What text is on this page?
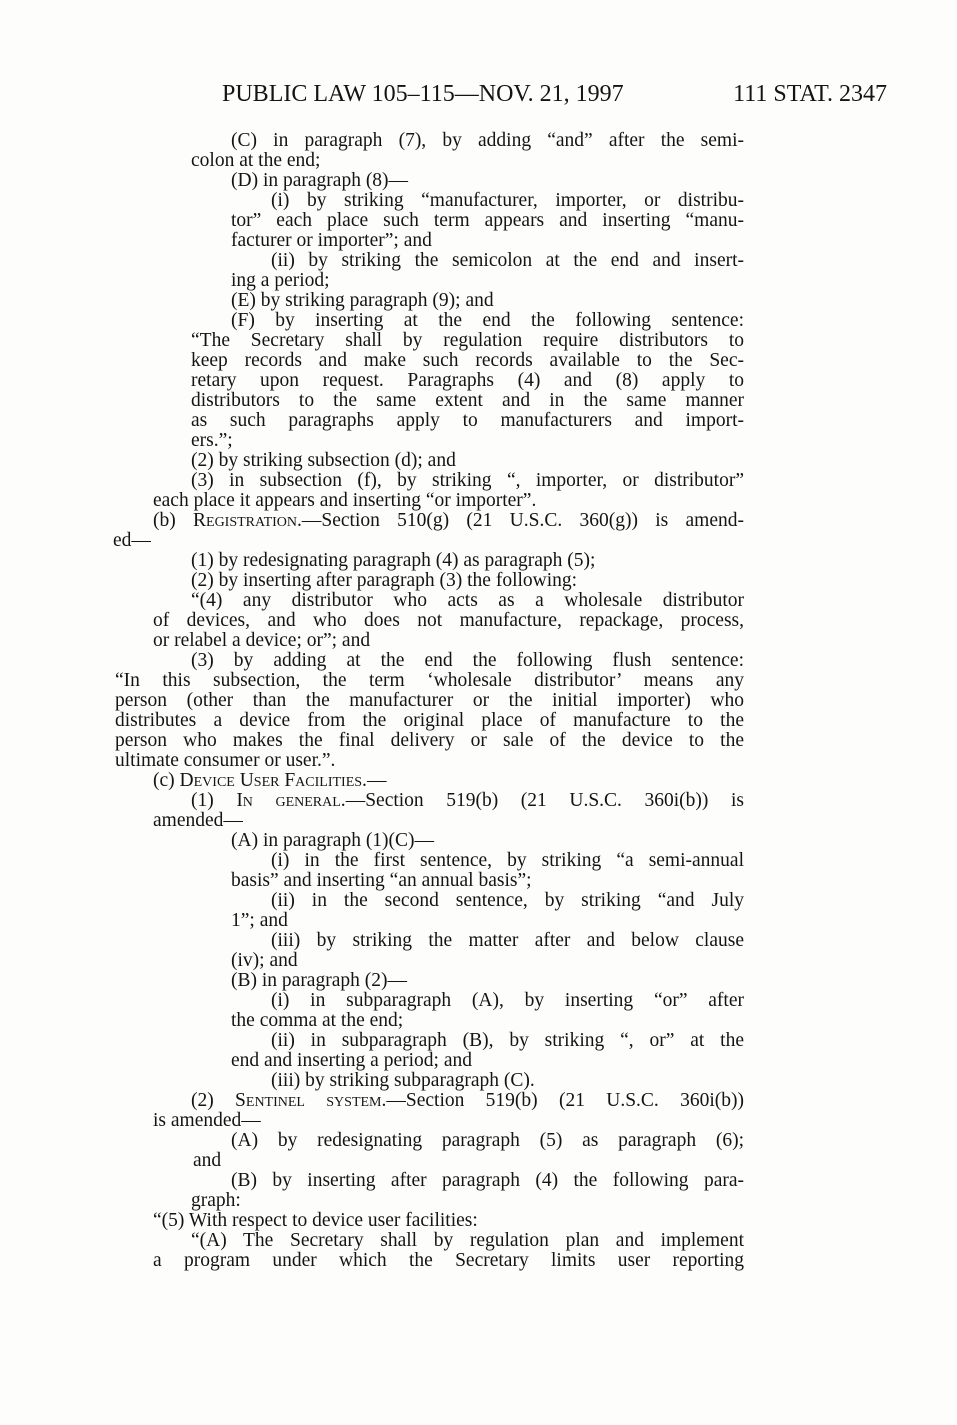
PUBLIC LAW 105–115—NOV. 21, 1997	111 STAT. 2347
(C) in paragraph (7), by adding “and” after the semi-
colon at the end;
(D) in paragraph (8)—
(i) by striking “manufacturer, importer, or distribu-
tor” each place such term appears and inserting “manu-
facturer or importer”; and
(ii) by striking the semicolon at the end and insert-
ing a period;
(E) by striking paragraph (9); and
(F) by inserting at the end the following sentence:
“The Secretary shall by regulation require distributors to
keep records and make such records available to the Sec-
retary upon request. Paragraphs (4) and (8) apply to
distributors to the same extent and in the same manner
as such paragraphs apply to manufacturers and import-
ers.”;
(2) by striking subsection (d); and
(3) in subsection (f), by striking “, importer, or distributor”
each place it appears and inserting “or importer”.
(b) Registration.—Section 510(g) (21 U.S.C. 360(g)) is amend-
ed—
(1) by redesignating paragraph (4) as paragraph (5);
(2) by inserting after paragraph (3) the following:
“(4) any distributor who acts as a wholesale distributor
of devices, and who does not manufacture, repackage, process,
or relabel a device; or”; and
(3) by adding at the end the following flush sentence:
“In this subsection, the term ‘wholesale distributor’ means any
person (other than the manufacturer or the initial importer) who
distributes a device from the original place of manufacture to the
person who makes the final delivery or sale of the device to the
ultimate consumer or user.”.
(c) Device User Facilities.—
(1) In general.—Section 519(b) (21 U.S.C. 360i(b)) is
amended—
(A) in paragraph (1)(C)—
(i) in the first sentence, by striking “a semi-annual
basis” and inserting “an annual basis”;
(ii) in the second sentence, by striking “and July
1”; and
(iii) by striking the matter after and below clause
(iv); and
(B) in paragraph (2)—
(i) in subparagraph (A), by inserting “or” after
the comma at the end;
(ii) in subparagraph (B), by striking “, or” at the
end and inserting a period; and
(iii) by striking subparagraph (C).
(2) Sentinel system.—Section 519(b) (21 U.S.C. 360i(b))
is amended—
(A) by redesignating paragraph (5) as paragraph (6);
and
(B) by inserting after paragraph (4) the following para-
graph:
“(5) With respect to device user facilities:
“(A) The Secretary shall by regulation plan and implement
a program under which the Secretary limits user reporting
